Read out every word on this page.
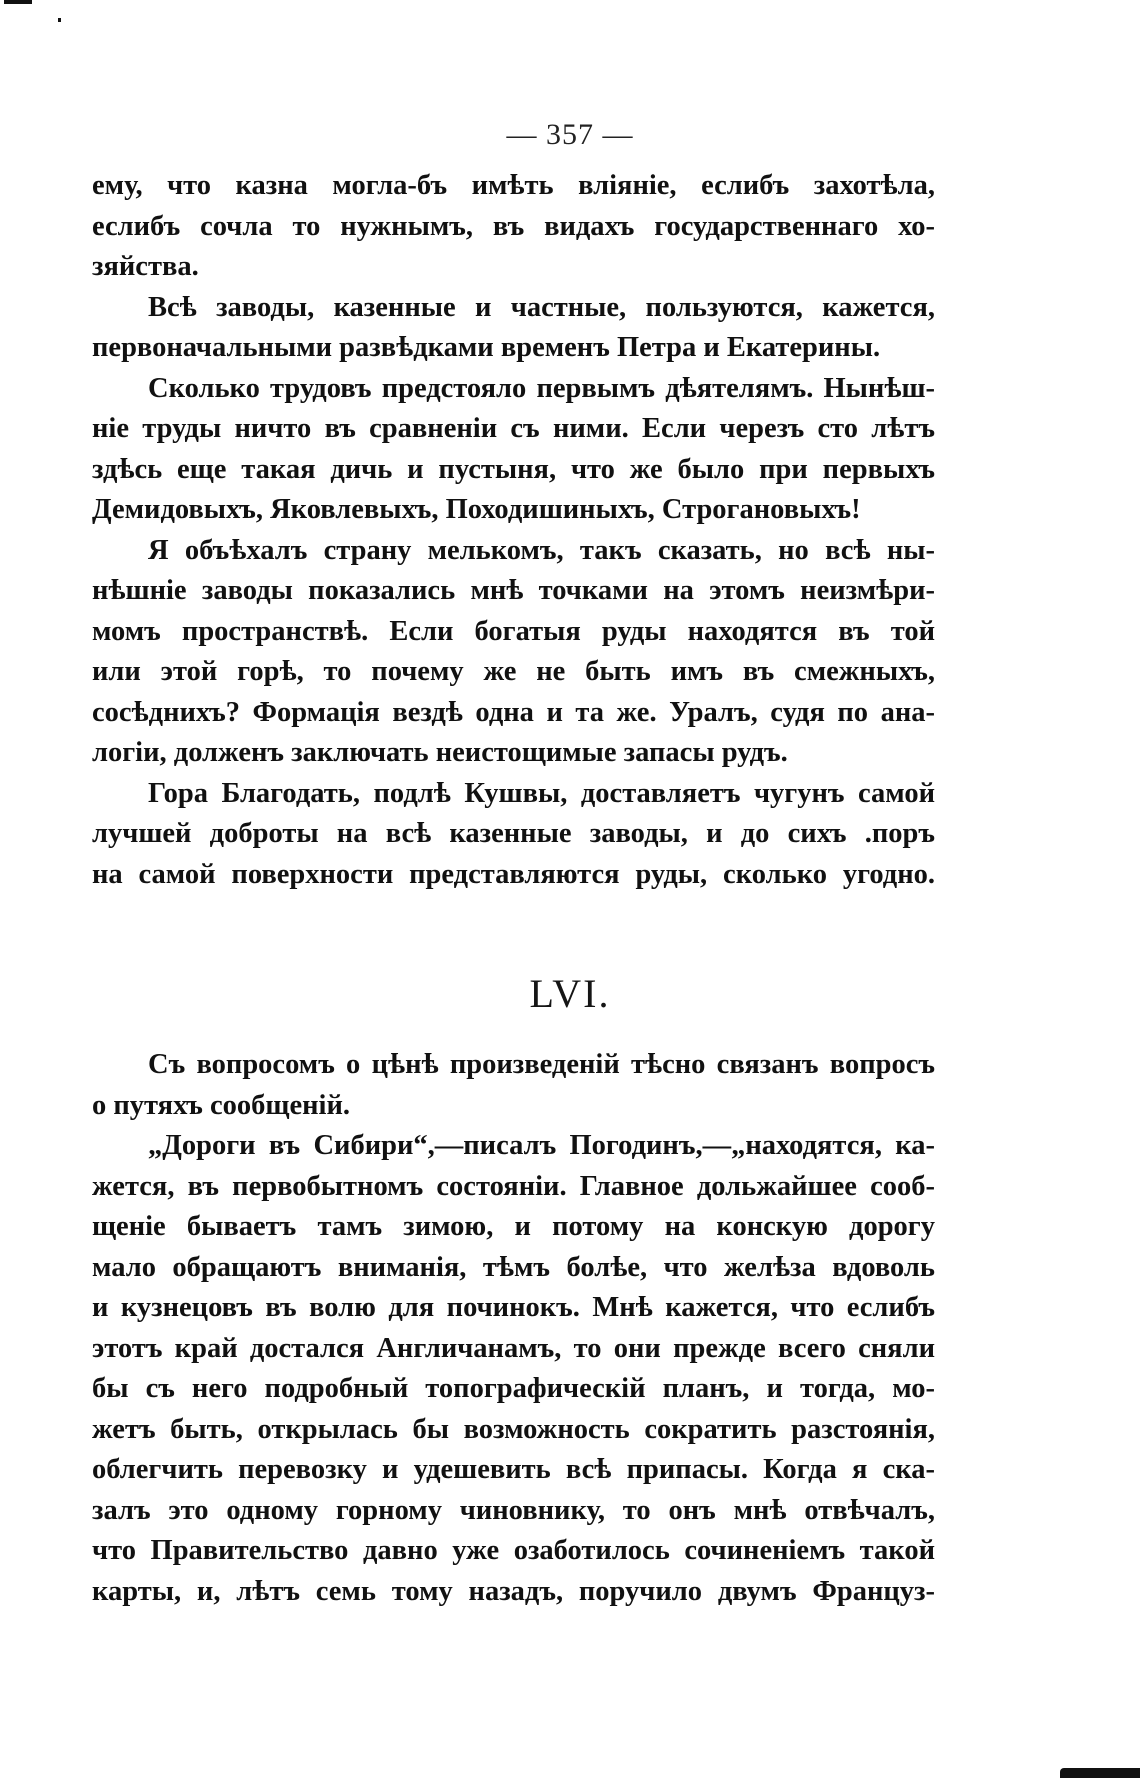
— 357 —
ему, что казна могла-бъ имѣть вліяніе, еслибъ захотѣла,
еслибъ сочла то нужнымъ, въ видахъ государственнаго хо-
зяйства.
Всѣ заводы, казенные и частные, пользуются, кажется,
первоначальными развѣдками временъ Петра и Екатерины.
Сколько трудовъ предстояло первымъ дѣятелямъ. Нынѣш-
ніе труды ничто въ сравненіи съ ними. Если черезъ сто лѣтъ
здѣсь еще такая дичь и пустыня, что же было при первыхъ
Демидовыхъ, Яковлевыхъ, Походишиныхъ, Строгановыхъ!
Я объѣхалъ страну мелькомъ, такъ сказать, но всѣ ны-
нѣшніе заводы показались мнѣ точками на этомъ неизмѣри-
момъ пространствѣ. Если богатыя руды находятся въ той
или этой горѣ, то почему же не быть имъ въ смежныхъ,
сосѣднихъ? Формація вездѣ одна и та же. Уралъ, судя по ана-
логіи, долженъ заключать неистощимые запасы рудъ.
Гора Благодать, подлѣ Кушвы, доставляетъ чугунъ самой
лучшей доброты на всѣ казенные заводы, и до сихъ .поръ
на самой поверхности представляются руды, сколько угодно.
LVI.
Съ вопросомъ о цѣнѣ произведеній тѣсно связанъ вопросъ
о путяхъ сообщеній.
„Дороги въ Сибири“,—писалъ Погодинъ,—„находятся, ка-
жется, въ первобытномъ состояніи. Главное дольжайшее сооб-
щеніе бываетъ тамъ зимою, и потому на конскую дорогу
мало обращаютъ вниманія, тѣмъ болѣе, что желѣза вдоволь
и кузнецовъ въ волю для починокъ. Мнѣ кажется, что еслибъ
этотъ край достался Англичанамъ, то они прежде всего сняли
бы съ него подробный топографическій планъ, и тогда, мо-
жетъ быть, открылась бы возможность сократить разстоянія,
облегчить перевозку и удешевить всѣ припасы. Когда я ска-
залъ это одному горному чиновнику, то онъ мнѣ отвѣчалъ,
что Правительство давно уже озаботилось сочиненіемъ такой
карты, и, лѣтъ семь тому назадъ, поручило двумъ Француз-
